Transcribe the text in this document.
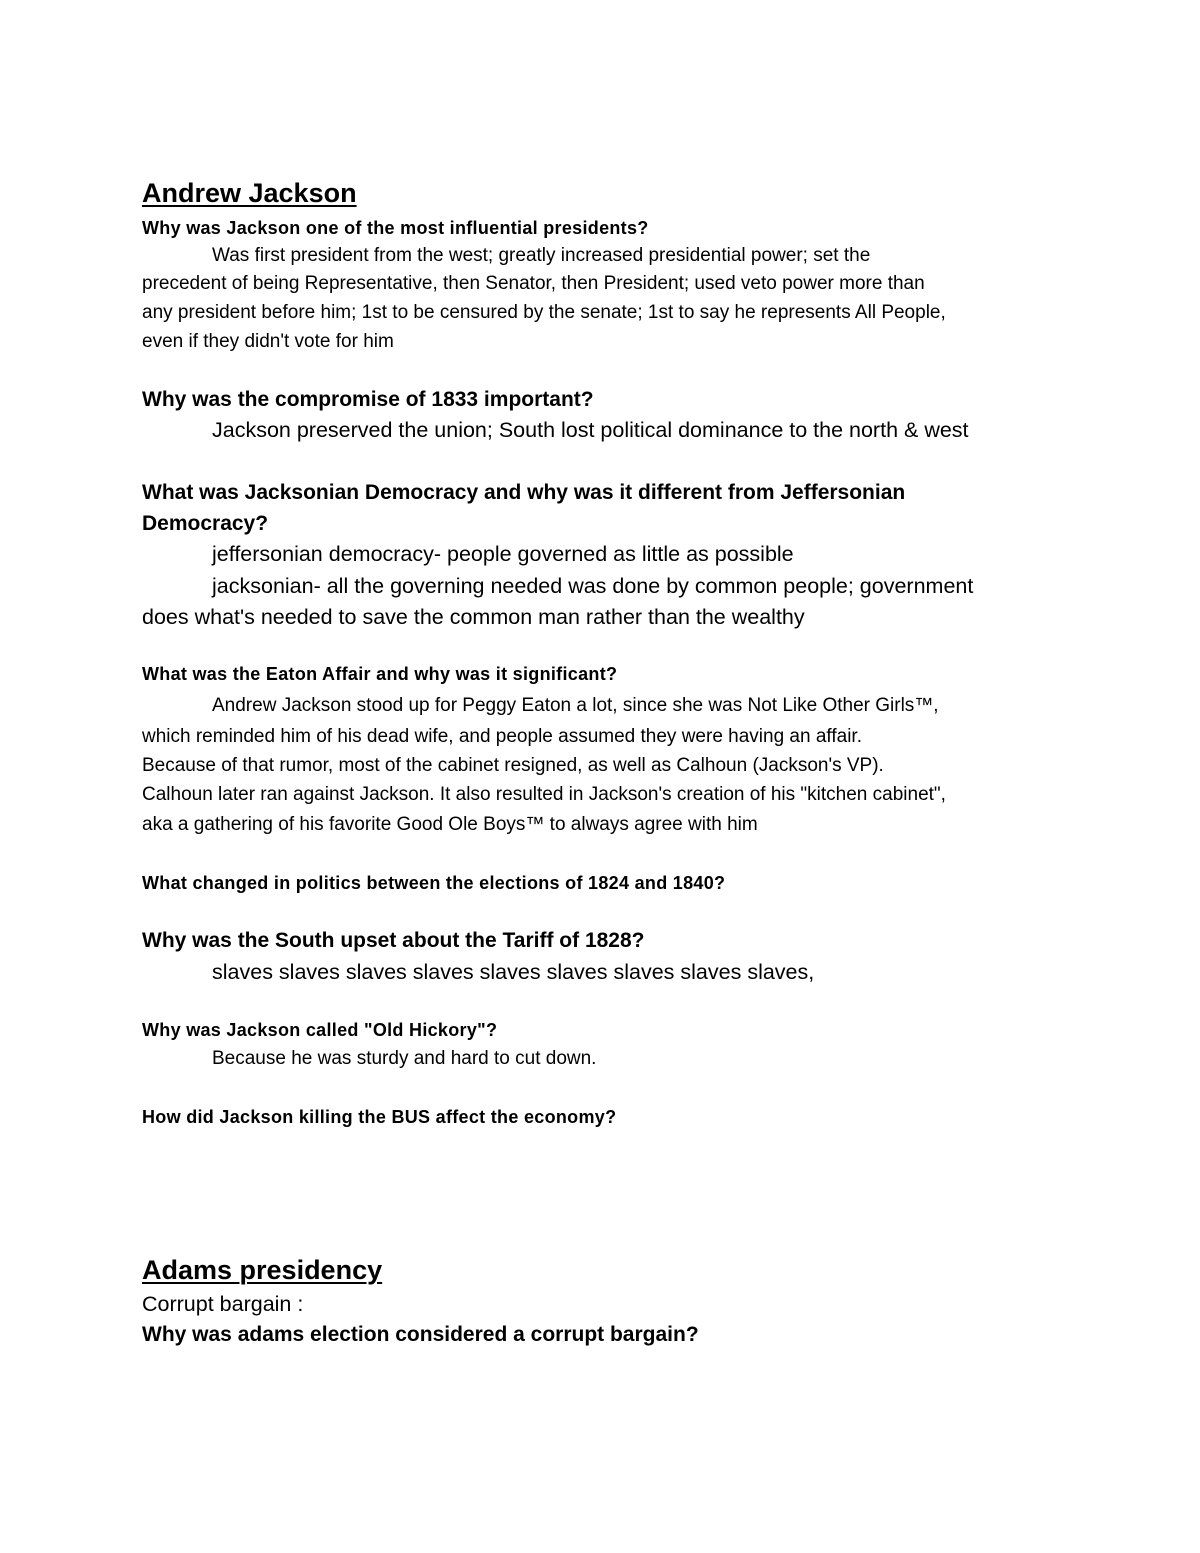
Andrew Jackson
Why was Jackson one of the most influential presidents?
Was first president from the west; greatly increased presidential power; set the
precedent of being Representative, then Senator, then President; used veto power more than
any president before him; 1st to be censured by the senate; 1st to say he represents All People,
even if they didn't vote for him
Why was the compromise of 1833 important?
Jackson preserved the union; South lost political dominance to the north & west
What was Jacksonian Democracy and why was it different from Jeffersonian
Democracy?
jeffersonian democracy- people governed as little as possible
jacksonian- all the governing needed was done by common people; government
does what's needed to save the common man rather than the wealthy
What was the Eaton Affair and why was it significant?
Andrew Jackson stood up for Peggy Eaton a lot, since she was Not Like Other Girls™,
which reminded him of his dead wife, and people assumed they were having an affair.
Because of that rumor, most of the cabinet resigned, as well as Calhoun (Jackson's VP).
Calhoun later ran against Jackson. It also resulted in Jackson's creation of his "kitchen cabinet",
aka a gathering of his favorite Good Ole Boys™ to always agree with him
What changed in politics between the elections of 1824 and 1840?
Why was the South upset about the Tariff of 1828?
slaves slaves slaves slaves slaves slaves slaves slaves slaves,
Why was Jackson called "Old Hickory"?
Because he was sturdy and hard to cut down.
How did Jackson killing the BUS affect the economy?
Adams presidency
Corrupt bargain :
Why was adams election considered a corrupt bargain?
